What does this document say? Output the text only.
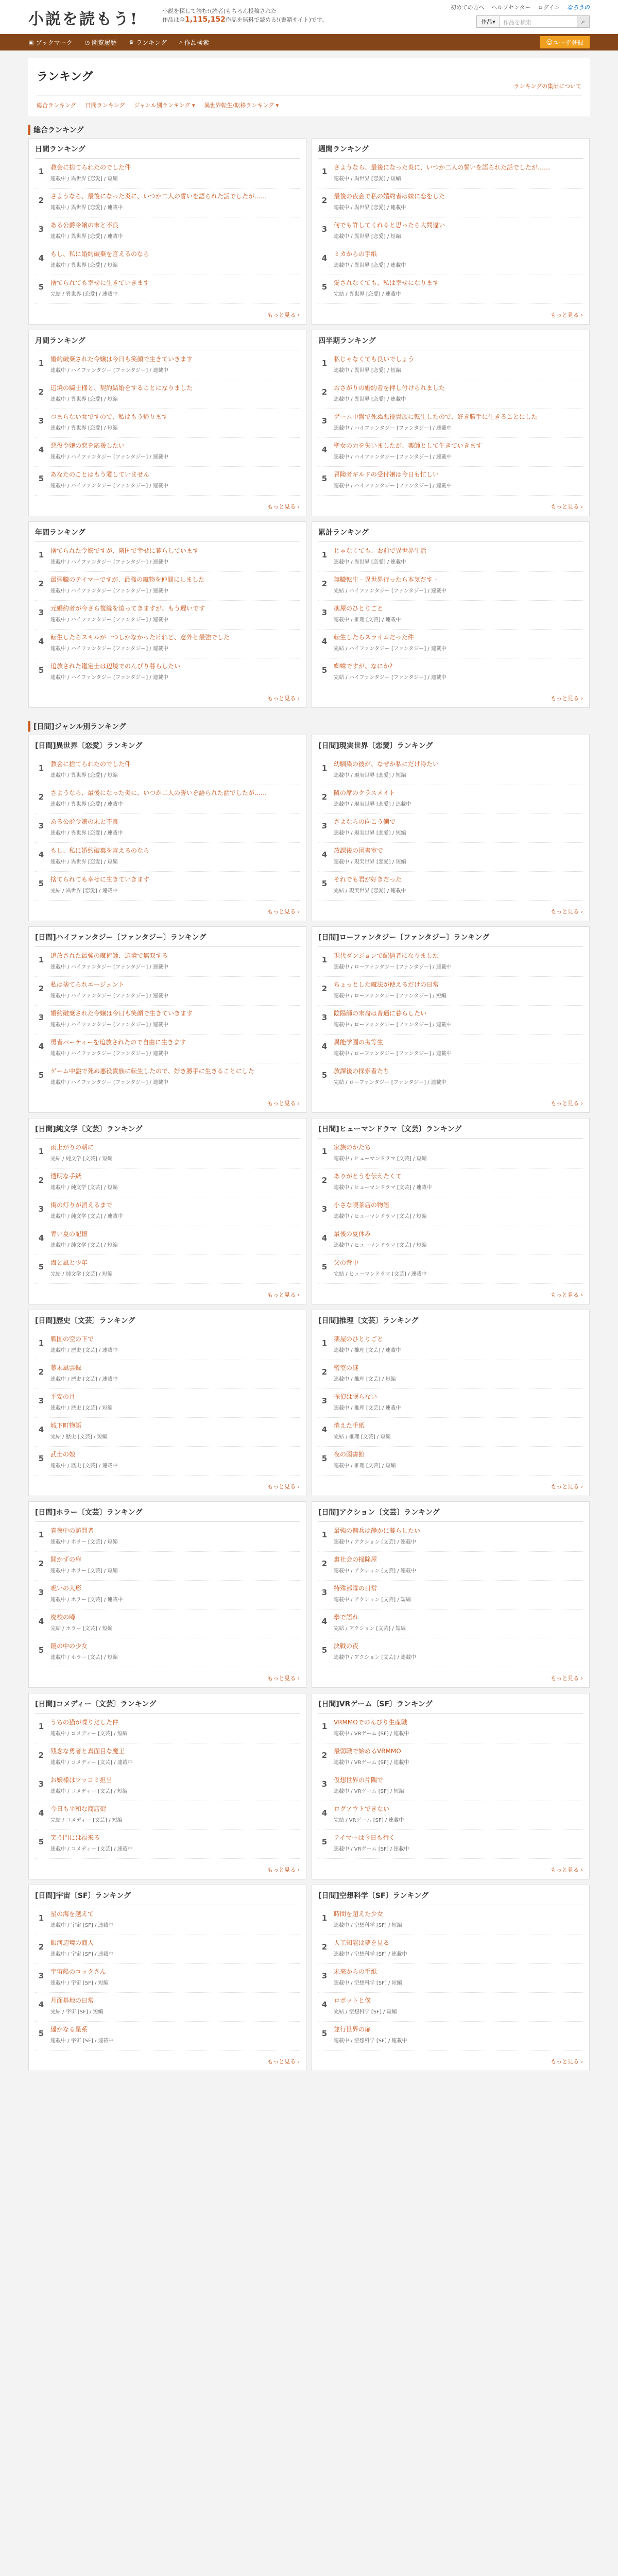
小説を読もう!	小説を探して読む!(読者)もちろん投稿された
作品は全1,115,152作品を無料で読める!(書籍サイト)です。
初めての方へ ヘルプセンター ログイン なろうの
作品 ▾	作品を検索	⌕
▣ ブックマーク ◷ 閲覧履歴 ♛ ランキング ⌕ 作品検索	☺ ユーザ登録
ランキング
ランキングの集計について
総合ランキング 日間ランキング ジャンル別ランキング ▾ 異世界転生/転移ランキング ▾
総合ランキング
日間ランキング
1	教会に捨てられたのでした件
連載中 / 異世界 [恋愛] / 短編
2	さようなら、最後になった炎に、いつか二人の誓いを語られた話でしたが……
連載中 / 異世界 [恋愛] / 連載中
3	ある公爵令嬢の末と不良
連載中 / 異世界 [恋愛] / 連載中
4	もし、私に婚約破棄を言えるのなら
連載中 / 異世界 [恋愛] / 短編
5	捨てられても幸せに生きていきます
完結 / 異世界 [恋愛] / 連載中
もっと見る ›
週間ランキング
1	さようなら、最後になった炎に、いつか二人の誓いを語られた話でしたが……
連載中 / 異世界 [恋愛] / 短編
2	最後の夜会で私の婚約者は妹に恋をした
連載中 / 異世界 [恋愛] / 連載中
3	何でも許してくれると思ったら大間違い
連載中 / 異世界 [恋愛] / 短編
4	ミカからの手紙
連載中 / 異世界 [恋愛] / 連載中
5	愛されなくても、私は幸せになります
完結 / 異世界 [恋愛] / 連載中
もっと見る ›
月間ランキング
1	婚約破棄された令嬢は今日も笑顔で生きていきます
連載中 / ハイファンタジー [ファンタジー] / 連載中
2	辺境の騎士様と、契約結婚をすることになりました
連載中 / 異世界 [恋愛] / 短編
3	つまらない女ですので、私はもう帰ります
連載中 / 異世界 [恋愛] / 短編
4	悪役令嬢の恋を応援したい
連載中 / ハイファンタジー [ファンタジー] / 連載中
5	あなたのことはもう愛していません
連載中 / ハイファンタジー [ファンタジー] / 連載中
もっと見る ›
四半期ランキング
1	私じゃなくても良いでしょう
連載中 / 異世界 [恋愛] / 短編
2	おさがりの婚約者を押し付けられました
連載中 / 異世界 [恋愛] / 連載中
3	ゲーム中盤で死ぬ悪役貴族に転生したので、好き勝手に生きることにした
連載中 / ハイファンタジー [ファンタジー] / 連載中
4	聖女の力を失いましたが、薬師として生きていきます
連載中 / ハイファンタジー [ファンタジー] / 連載中
5	冒険者ギルドの受付嬢は今日も忙しい
連載中 / ハイファンタジー [ファンタジー] / 連載中
もっと見る ›
年間ランキング
1	捨てられた令嬢ですが、隣国で幸せに暮らしています
連載中 / ハイファンタジー [ファンタジー] / 連載中
2	最弱職のテイマーですが、最強の魔物を仲間にしました
連載中 / ハイファンタジー [ファンタジー] / 連載中
3	元婚約者が今さら復縁を迫ってきますが、もう遅いです
連載中 / ハイファンタジー [ファンタジー] / 連載中
4	転生したらスキルが一つしかなかったけれど、意外と最強でした
連載中 / ハイファンタジー [ファンタジー] / 連載中
5	追放された鑑定士は辺境でのんびり暮らしたい
連載中 / ハイファンタジー [ファンタジー] / 連載中
もっと見る ›
累計ランキング
1	じゃなくても、お前で異世界生活
連載中 / 異世界 [恋愛] / 連載中
2	無職転生 - 異世界行ったら本気だす -
完結 / ハイファンタジー [ファンタジー] / 連載中
3	薬屋のひとりごと
連載中 / 推理 [文芸] / 連載中
4	転生したらスライムだった件
完結 / ハイファンタジー [ファンタジー] / 連載中
5	蜘蛛ですが、なにか?
完結 / ハイファンタジー [ファンタジー] / 連載中
もっと見る ›
[日間]ジャンル別ランキング
[日間]異世界〔恋愛〕ランキング
1	教会に捨てられたのでした件
連載中 / 異世界 [恋愛] / 短編
2	さようなら、最後になった炎に、いつか二人の誓いを語られた話でしたが……
連載中 / 異世界 [恋愛] / 連載中
3	ある公爵令嬢の末と不良
連載中 / 異世界 [恋愛] / 連載中
4	もし、私に婚約破棄を言えるのなら
連載中 / 異世界 [恋愛] / 短編
5	捨てられても幸せに生きていきます
完結 / 異世界 [恋愛] / 連載中
もっと見る ›
[日間]現実世界〔恋愛〕ランキング
1	幼馴染の彼が、なぜか私にだけ冷たい
連載中 / 現実世界 [恋愛] / 短編
2	隣の席のクラスメイト
連載中 / 現実世界 [恋愛] / 連載中
3	さよならの向こう側で
連載中 / 現実世界 [恋愛] / 短編
4	放課後の図書室で
連載中 / 現実世界 [恋愛] / 短編
5	それでも君が好きだった
完結 / 現実世界 [恋愛] / 連載中
もっと見る ›
[日間]ハイファンタジー〔ファンタジー〕ランキング
1	追放された最強の魔術師、辺境で無双する
連載中 / ハイファンタジー [ファンタジー] / 連載中
2	私は捨てられエージェント
連載中 / ハイファンタジー [ファンタジー] / 連載中
3	婚約破棄された令嬢は今日も笑顔で生きていきます
連載中 / ハイファンタジー [ファンタジー] / 連載中
4	勇者パーティーを追放されたので自由に生きます
連載中 / ハイファンタジー [ファンタジー] / 連載中
5	ゲーム中盤で死ぬ悪役貴族に転生したので、好き勝手に生きることにした
連載中 / ハイファンタジー [ファンタジー] / 連載中
もっと見る ›
[日間]ローファンタジー〔ファンタジー〕ランキング
1	現代ダンジョンで配信者になりました
連載中 / ローファンタジー [ファンタジー] / 連載中
2	ちょっとした魔法が使えるだけの日常
連載中 / ローファンタジー [ファンタジー] / 短編
3	陰陽師の末裔は普通に暮らしたい
連載中 / ローファンタジー [ファンタジー] / 連載中
4	異能学園の劣等生
連載中 / ローファンタジー [ファンタジー] / 連載中
5	放課後の探索者たち
完結 / ローファンタジー [ファンタジー] / 連載中
もっと見る ›
[日間]純文学〔文芸〕ランキング
1	雨上がりの朝に
完結 / 純文学 [文芸] / 短編
2	透明な手紙
連載中 / 純文学 [文芸] / 短編
3	街の灯りが消えるまで
連載中 / 純文学 [文芸] / 連載中
4	青い夏の記憶
連載中 / 純文学 [文芸] / 短編
5	海と風と少年
完結 / 純文学 [文芸] / 短編
もっと見る ›
[日間]ヒューマンドラマ〔文芸〕ランキング
1	家族のかたち
連載中 / ヒューマンドラマ [文芸] / 短編
2	ありがとうを伝えたくて
連載中 / ヒューマンドラマ [文芸] / 連載中
3	小さな喫茶店の物語
連載中 / ヒューマンドラマ [文芸] / 短編
4	最後の夏休み
連載中 / ヒューマンドラマ [文芸] / 短編
5	父の背中
完結 / ヒューマンドラマ [文芸] / 連載中
もっと見る ›
[日間]歴史〔文芸〕ランキング
1	戦国の空の下で
連載中 / 歴史 [文芸] / 連載中
2	幕末風雲録
連載中 / 歴史 [文芸] / 連載中
3	平安の月
連載中 / 歴史 [文芸] / 短編
4	城下町物語
完結 / 歴史 [文芸] / 短編
5	武士の娘
連載中 / 歴史 [文芸] / 連載中
もっと見る ›
[日間]推理〔文芸〕ランキング
1	薬屋のひとりごと
連載中 / 推理 [文芸] / 連載中
2	密室の謎
連載中 / 推理 [文芸] / 短編
3	探偵は眠らない
連載中 / 推理 [文芸] / 連載中
4	消えた手紙
完結 / 推理 [文芸] / 短編
5	夜の図書館
連載中 / 推理 [文芸] / 短編
もっと見る ›
[日間]ホラー〔文芸〕ランキング
1	真夜中の訪問者
連載中 / ホラー [文芸] / 短編
2	開かずの扉
連載中 / ホラー [文芸] / 短編
3	呪いの人形
連載中 / ホラー [文芸] / 連載中
4	廃校の噂
完結 / ホラー [文芸] / 短編
5	鏡の中の少女
連載中 / ホラー [文芸] / 短編
もっと見る ›
[日間]アクション〔文芸〕ランキング
1	最強の傭兵は静かに暮らしたい
連載中 / アクション [文芸] / 連載中
2	裏社会の掃除屋
連載中 / アクション [文芸] / 連載中
3	特殊部隊の日常
連載中 / アクション [文芸] / 短編
4	拳で語れ
完結 / アクション [文芸] / 短編
5	決戦の夜
連載中 / アクション [文芸] / 連載中
もっと見る ›
[日間]コメディー〔文芸〕ランキング
1	うちの猫が喋りだした件
連載中 / コメディー [文芸] / 短編
2	残念な勇者と真面目な魔王
連載中 / コメディー [文芸] / 連載中
3	お嬢様はツッコミ担当
連載中 / コメディー [文芸] / 短編
4	今日も平和な商店街
完結 / コメディー [文芸] / 短編
5	笑う門には福来る
連載中 / コメディー [文芸] / 連載中
もっと見る ›
[日間]VRゲーム〔SF〕ランキング
1	VRMMOでのんびり生産職
連載中 / VRゲーム [SF] / 連載中
2	最弱職で始めるVRMMO
連載中 / VRゲーム [SF] / 連載中
3	仮想世界の片隅で
連載中 / VRゲーム [SF] / 短編
4	ログアウトできない
完結 / VRゲーム [SF] / 連載中
5	テイマーは今日も行く
連載中 / VRゲーム [SF] / 連載中
もっと見る ›
[日間]宇宙〔SF〕ランキング
1	星の海を越えて
連載中 / 宇宙 [SF] / 連載中
2	銀河辺境の商人
連載中 / 宇宙 [SF] / 連載中
3	宇宙船のコックさん
連載中 / 宇宙 [SF] / 短編
4	月面基地の日常
完結 / 宇宙 [SF] / 短編
5	遥かなる星系
連載中 / 宇宙 [SF] / 連載中
もっと見る ›
[日間]空想科学〔SF〕ランキング
1	時間を超えた少女
連載中 / 空想科学 [SF] / 短編
2	人工知能は夢を見る
連載中 / 空想科学 [SF] / 連載中
3	未来からの手紙
連載中 / 空想科学 [SF] / 短編
4	ロボットと僕
完結 / 空想科学 [SF] / 短編
5	並行世界の扉
連載中 / 空想科学 [SF] / 連載中
もっと見る ›
